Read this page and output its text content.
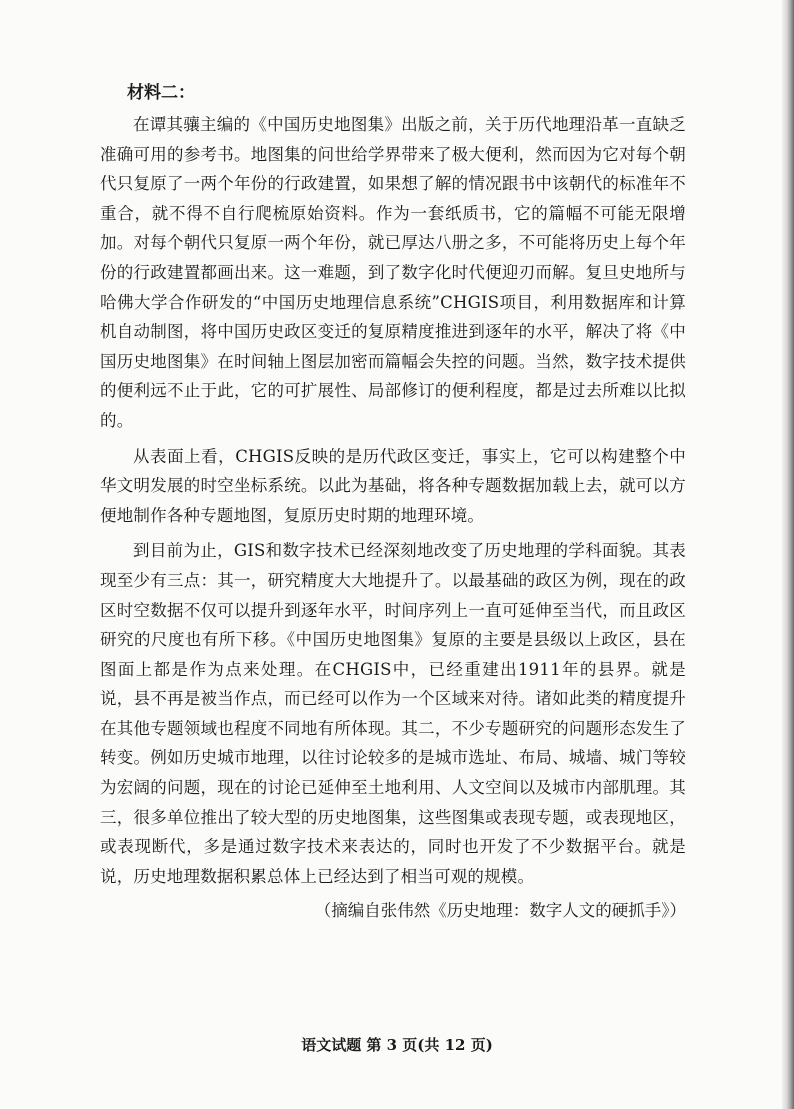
材料二：

在谭其骧主编的《中国历史地图集》出版之前，关于历代地理沿革一直缺乏准确可用的参考书。地图集的问世给学界带来了极大便利，然而因为它对每个朝代只复原了一两个年份的行政建置，如果想了解的情况跟书中该朝代的标准年不重合，就不得不自行爬梳原始资料。作为一套纸质书，它的篇幅不可能无限增加。对每个朝代只复原一两个年份，就已厚达八册之多，不可能将历史上每个年份的行政建置都画出来。这一难题，到了数字化时代便迎刃而解。复旦史地所与哈佛大学合作研发的“中国历史地理信息系统”CHGIS项目，利用数据库和计算机自动制图，将中国历史政区变迁的复原精度推进到逐年的水平，解决了将《中国历史地图集》在时间轴上图层加密而篇幅会失控的问题。当然，数字技术提供的便利远不止于此，它的可扩展性、局部修订的便利程度，都是过去所难以比拟的。

从表面上看，CHGIS反映的是历代政区变迁，事实上，它可以构建整个中华文明发展的时空坐标系统。以此为基础，将各种专题数据加载上去，就可以方便地制作各种专题地图，复原历史时期的地理环境。

到目前为止，GIS和数字技术已经深刻地改变了历史地理的学科面貌。其表现至少有三点：其一，研究精度大大地提升了。以最基础的政区为例，现在的政区时空数据不仅可以提升到逐年水平，时间序列上一直可延伸至当代，而且政区研究的尺度也有所下移。《中国历史地图集》复原的主要是县级以上政区，县在图面上都是作为点来处理。在CHGIS中，已经重建出1911年的县界。就是说，县不再是被当作点，而已经可以作为一个区域来对待。诸如此类的精度提升在其他专题领域也程度不同地有所体现。其二，不少专题研究的问题形态发生了转变。例如历史城市地理，以往讨论较多的是城市选址、布局、城墙、城门等较为宏阔的问题，现在的讨论已延伸至土地利用、人文空间以及城市内部肌理。其三，很多单位推出了较大型的历史地图集，这些图集或表现专题，或表现地区，或表现断代，多是通过数字技术来表达的，同时也开发了不少数据平台。就是说，历史地理数据积累总体上已经达到了相当可观的规模。

（摘编自张伟然《历史地理：数字人文的硬抓手》）
语文试题 第 3 页(共 12 页)
